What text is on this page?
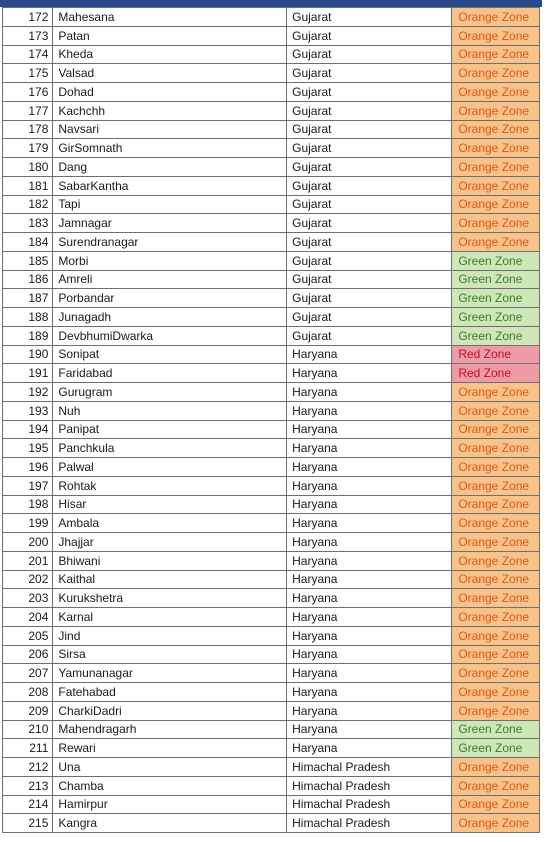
172	Mahesana	Gujarat	Orange Zone
173	Patan	Gujarat	Orange Zone
174	Kheda	Gujarat	Orange Zone
175	Valsad	Gujarat	Orange Zone
176	Dohad	Gujarat	Orange Zone
177	Kachchh	Gujarat	Orange Zone
178	Navsari	Gujarat	Orange Zone
179	GirSomnath	Gujarat	Orange Zone
180	Dang	Gujarat	Orange Zone
181	SabarKantha	Gujarat	Orange Zone
182	Tapi	Gujarat	Orange Zone
183	Jamnagar	Gujarat	Orange Zone
184	Surendranagar	Gujarat	Orange Zone
185	Morbi	Gujarat	Green Zone
186	Amreli	Gujarat	Green Zone
187	Porbandar	Gujarat	Green Zone
188	Junagadh	Gujarat	Green Zone
189	DevbhumiDwarka	Gujarat	Green Zone
190	Sonipat	Haryana	Red Zone
191	Faridabad	Haryana	Red Zone
192	Gurugram	Haryana	Orange Zone
193	Nuh	Haryana	Orange Zone
194	Panipat	Haryana	Orange Zone
195	Panchkula	Haryana	Orange Zone
196	Palwal	Haryana	Orange Zone
197	Rohtak	Haryana	Orange Zone
198	Hisar	Haryana	Orange Zone
199	Ambala	Haryana	Orange Zone
200	Jhajjar	Haryana	Orange Zone
201	Bhiwani	Haryana	Orange Zone
202	Kaithal	Haryana	Orange Zone
203	Kurukshetra	Haryana	Orange Zone
204	Karnal	Haryana	Orange Zone
205	Jind	Haryana	Orange Zone
206	Sirsa	Haryana	Orange Zone
207	Yamunanagar	Haryana	Orange Zone
208	Fatehabad	Haryana	Orange Zone
209	CharkiDadri	Haryana	Orange Zone
210	Mahendragarh	Haryana	Green Zone
211	Rewari	Haryana	Green Zone
212	Una	Himachal Pradesh	Orange Zone
213	Chamba	Himachal Pradesh	Orange Zone
214	Hamirpur	Himachal Pradesh	Orange Zone
215	Kangra	Himachal Pradesh	Orange Zone
